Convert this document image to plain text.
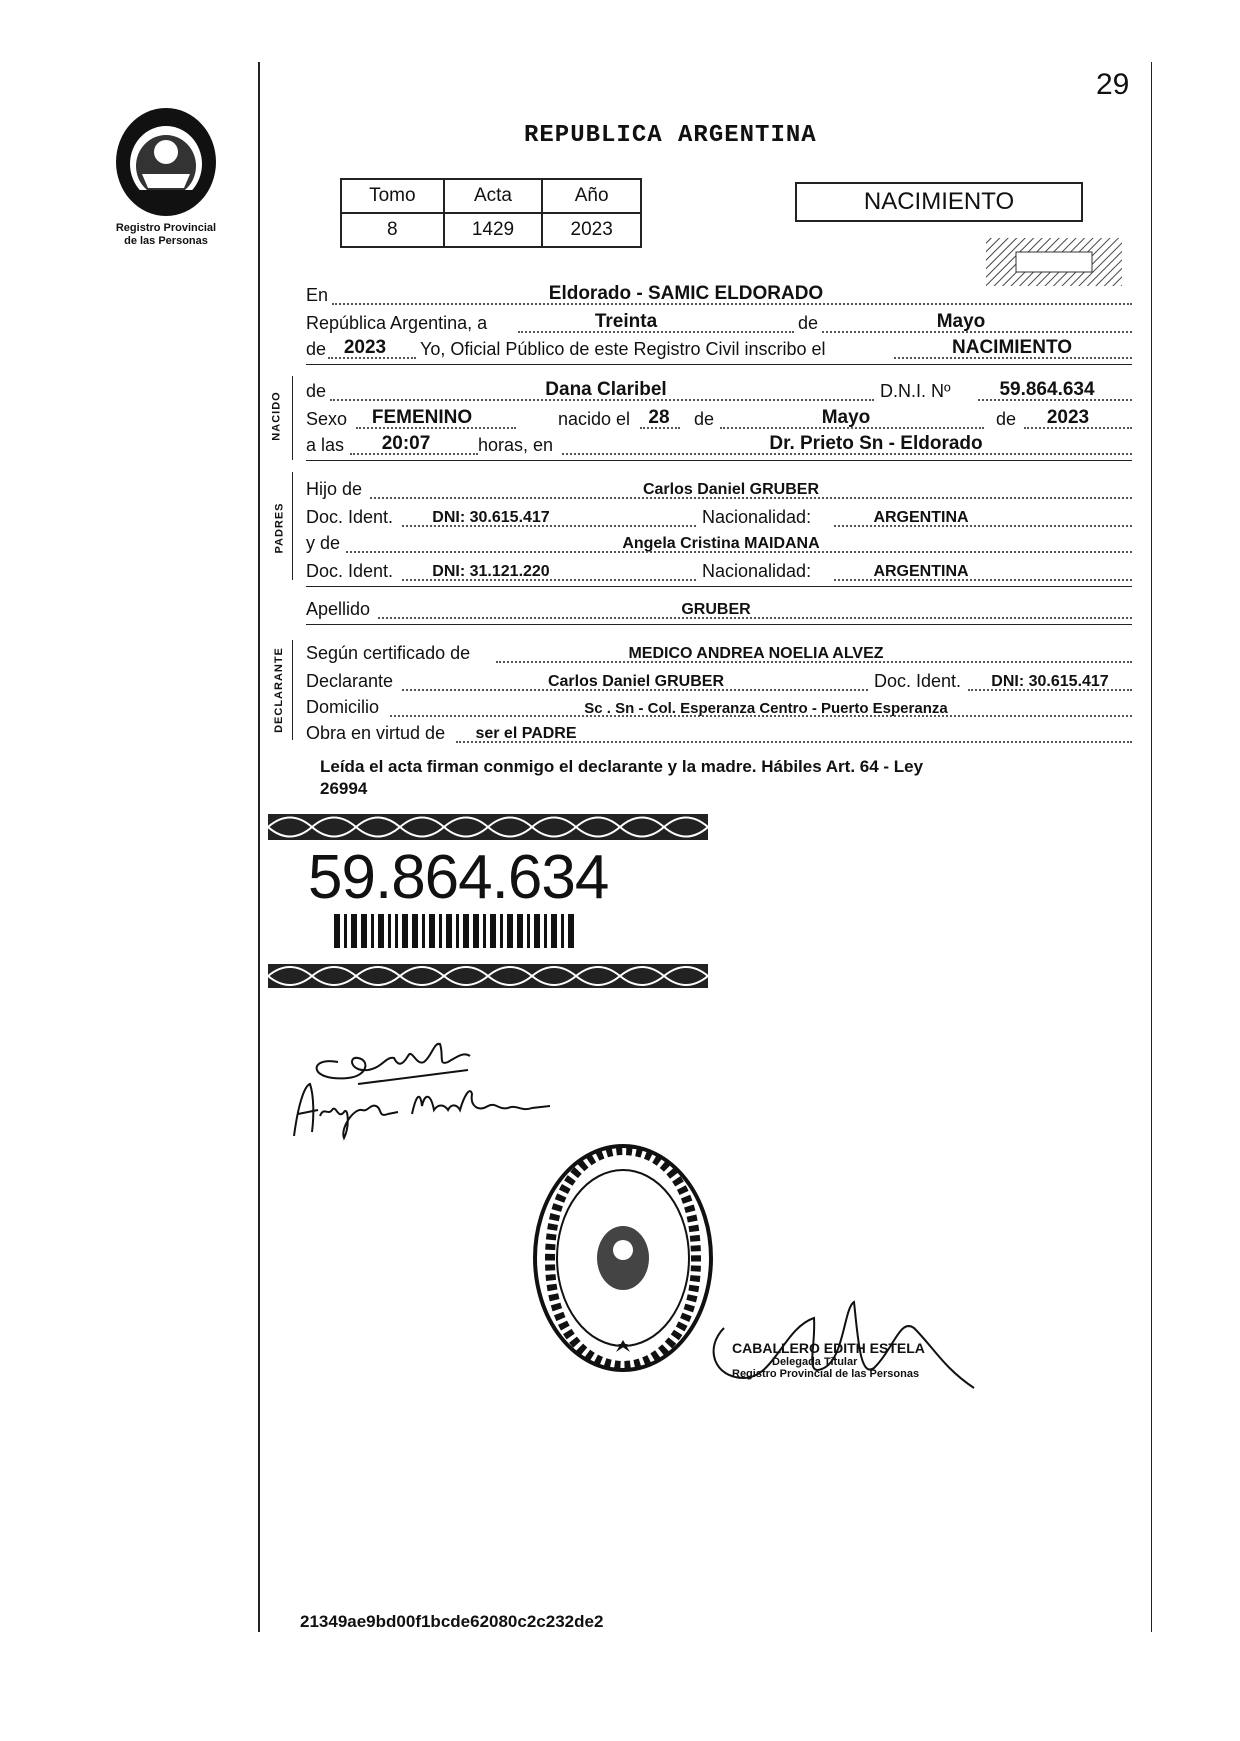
29
Registro Provincial
de las Personas
REPUBLICA ARGENTINA
Tomo	Acta	Año
8	1429	2023
NACIMIENTO
En	Eldorado - SAMIC ELDORADO
República Argentina, a	Treinta	de	Mayo
de 2023	Yo, Oficial Público de este Registro Civil inscribo el	NACIMIENTO
NACIDO
de	Dana Claribel	D.N.I. Nº	59.864.634
Sexo	FEMENINO	nacido el 28	de	Mayo	de	2023
a las	20:07	horas, en	Dr. Prieto Sn - Eldorado
PADRES
Hijo de	Carlos Daniel GRUBER
Doc. Ident.	DNI: 30.615.417	Nacionalidad:	ARGENTINA
y de	Angela Cristina MAIDANA
Doc. Ident.	DNI: 31.121.220	Nacionalidad:	ARGENTINA
Apellido	GRUBER
DECLARANTE Según certificado de	MEDICO ANDREA NOELIA ALVEZ
Declarante	Carlos Daniel GRUBER	Doc. Ident.	DNI: 30.615.417
Domicilio	Sc . Sn - Col. Esperanza Centro - Puerto Esperanza
Obra en virtud de	ser el PADRE
Leída el acta firman conmigo el declarante y la madre. Hábiles Art. 64 - Ley
26994
59.864.634
CABALLERO EDITH ESTELA
Delegada Titular
Registro Provincial de las Personas
21349ae9bd00f1bcde62080c2c232de2
